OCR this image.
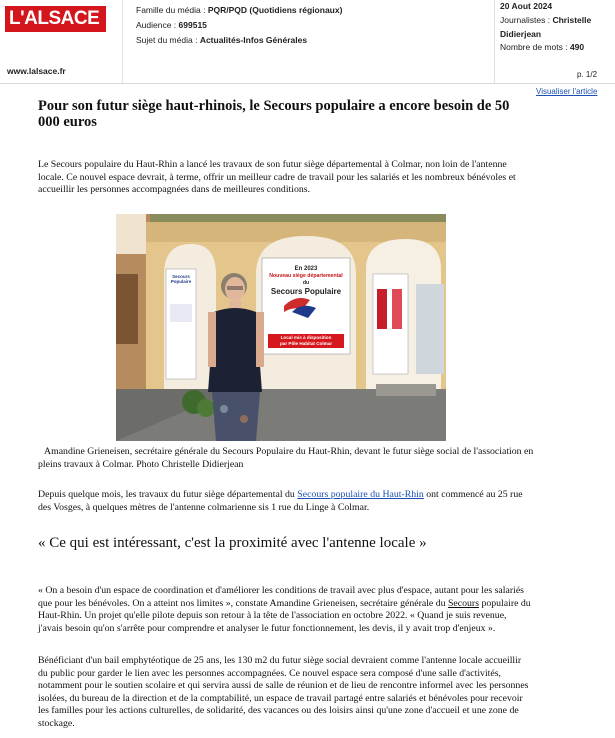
L'ALSACE
www.lalsace.fr
Famille du média : PQR/PQD (Quotidiens régionaux)
Audience : 699515
Sujet du média : Actualités-Infos Générales
20 Aout 2024
Journalistes : Christelle
Didierjean
Nombre de mots : 490
p. 1/2
Visualiser l'article
Pour son futur siège haut-rhinois, le Secours populaire a encore besoin de 50
000 euros
Le Secours populaire du Haut-Rhin a lancé les travaux de son futur siège départemental à Colmar, non loin de l'antenne
locale. Ce nouvel espace devrait, à terme, offrir un meilleur cadre de travail pour les salariés et les nombreux bénévoles et
accueillir les personnes accompagnées dans de meilleures conditions.
En 2023
Nouveau siège départemental
du
Secours Populaire
Local mis à disposition
par Pôle Habitat Colmar
Secours Populaire
Amandine Grieneisen, secrétaire générale du Secours Populaire du Haut-Rhin, devant le futur siège social de l'association en
pleins travaux à Colmar. Photo Christelle Didierjean
Depuis quelque mois, les travaux du futur siège départemental du Secours populaire du Haut-Rhin ont commencé au 25 rue
des Vosges, à quelques mètres de l'antenne colmarienne sis 1 rue du Linge à Colmar.
« Ce qui est intéressant, c'est la proximité avec l'antenne locale »
« On a besoin d'un espace de coordination et d'améliorer les conditions de travail avec plus d'espace, autant pour les salariés
que pour les bénévoles. On a atteint nos limites », constate Amandine Grieneisen, secrétaire générale du Secours populaire du
Haut-Rhin. Un projet qu'elle pilote depuis son retour à la tête de l'association en octobre 2022. « Quand je suis revenue,
j'avais besoin qu'on s'arrête pour comprendre et analyser le futur fonctionnement, les devis, il y avait trop d'enjeux ».
Bénéficiant d'un bail emphytéotique de 25 ans, les 130 m2 du futur siège social devraient comme l'antenne locale accueillir
du public pour garder le lien avec les personnes accompagnées. Ce nouvel espace sera composé d'une salle d'activités,
notamment pour le soutien scolaire et qui servira aussi de salle de réunion et de lieu de rencontre informel avec les personnes
isolées, du bureau de la direction et de la comptabilité, un espace de travail partagé entre salariés et bénévoles pour recevoir
les familles pour les actions culturelles, de solidarité, des vacances ou des loisirs ainsi qu'une zone d'accueil et une zone de
stockage.
